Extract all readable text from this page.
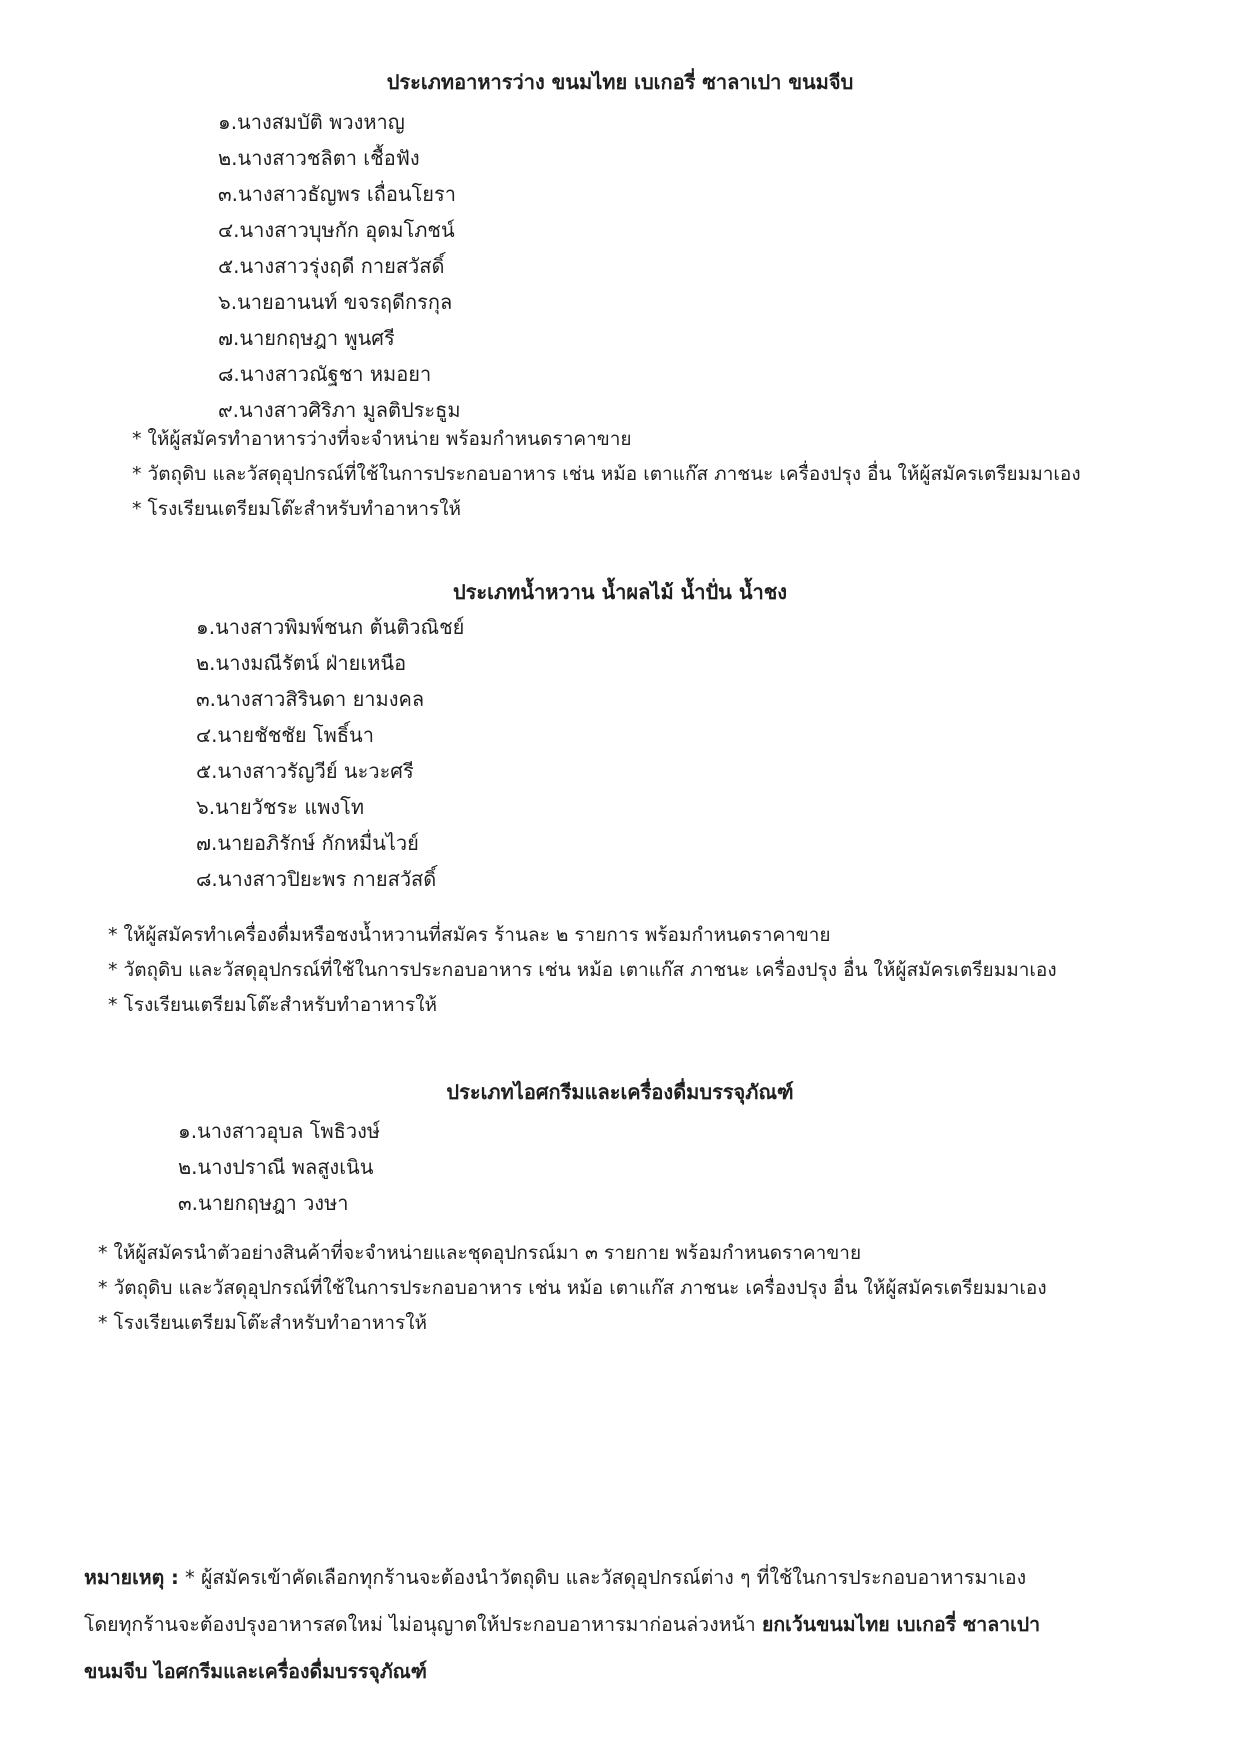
ประเภทอาหารว่าง ขนมไทย เบเกอรี่ ซาลาเปา ขนมจีบ
๑.นางสมบัติ พวงหาญ
๒.นางสาวชลิตา เชื้อฟัง
๓.นางสาวธัญพร เถื่อนโยรา
๔.นางสาวบุษกัก อุดมโภชน์
๕.นางสาวรุ่งฤดี กายสวัสดิ์
๖.นายอานนท์ ขจรฤดีกรกุล
๗.นายกฤษฎา พูนศรี
๘.นางสาวณัฐชา หมอยา
๙.นางสาวศิริภา มูลติประธูม
* ให้ผู้สมัครทำอาหารว่างที่จะจำหน่าย พร้อมกำหนดราคาขาย
* วัตถุดิบ และวัสดุอุปกรณ์ที่ใช้ในการประกอบอาหาร เช่น หม้อ เตาแก๊ส ภาชนะ เครื่องปรุง อื่น ให้ผู้สมัครเตรียมมาเอง
* โรงเรียนเตรียมโต๊ะสำหรับทำอาหารให้
ประเภทน้ำหวาน น้ำผลไม้ น้ำปั่น น้ำชง
๑.นางสาวพิมพ์ชนก ต้นติวณิชย์
๒.นางมณีรัตน์ ฝ่ายเหนือ
๓.นางสาวสิรินดา ยามงคล
๔.นายชัชชัย โพธิ์นา
๕.นางสาวรัญวีย์ นะวะศรี
๖.นายวัชระ แพงโท
๗.นายอภิรักษ์ กักหมื่นไวย์
๘.นางสาวปิยะพร กายสวัสดิ์
* ให้ผู้สมัครทำเครื่องดื่มหรือชงน้ำหวานที่สมัคร ร้านละ ๒ รายการ พร้อมกำหนดราคาขาย
* วัตถุดิบ และวัสดุอุปกรณ์ที่ใช้ในการประกอบอาหาร เช่น หม้อ เตาแก๊ส ภาชนะ เครื่องปรุง อื่น ให้ผู้สมัครเตรียมมาเอง
* โรงเรียนเตรียมโต๊ะสำหรับทำอาหารให้
ประเภทไอศกรีมและเครื่องดื่มบรรจุภัณฑ์
๑.นางสาวอุบล โพธิวงษ์
๒.นางปราณี พลสูงเนิน
๓.นายกฤษฎา วงษา
* ให้ผู้สมัครนำตัวอย่างสินค้าที่จะจำหน่ายและชุดอุปกรณ์มา ๓ รายกาย พร้อมกำหนดราคาขาย
* วัตถุดิบ และวัสดุอุปกรณ์ที่ใช้ในการประกอบอาหาร เช่น หม้อ เตาแก๊ส ภาชนะ เครื่องปรุง อื่น ให้ผู้สมัครเตรียมมาเอง
* โรงเรียนเตรียมโต๊ะสำหรับทำอาหารให้

หมายเหตุ : * ผู้สมัครเข้าคัดเลือกทุกร้านจะต้องนำวัตถุดิบ และวัสดุอุปกรณ์ต่าง ๆ ที่ใช้ในการประกอบอาหารมาเอง

โดยทุกร้านจะต้องปรุงอาหารสดใหม่ ไม่อนุญาตให้ประกอบอาหารมาก่อนล่วงหน้า ยกเว้นขนมไทย เบเกอรี่ ซาลาเปา

ขนมจีบ ไอศกรีมและเครื่องดื่มบรรจุภัณฑ์
